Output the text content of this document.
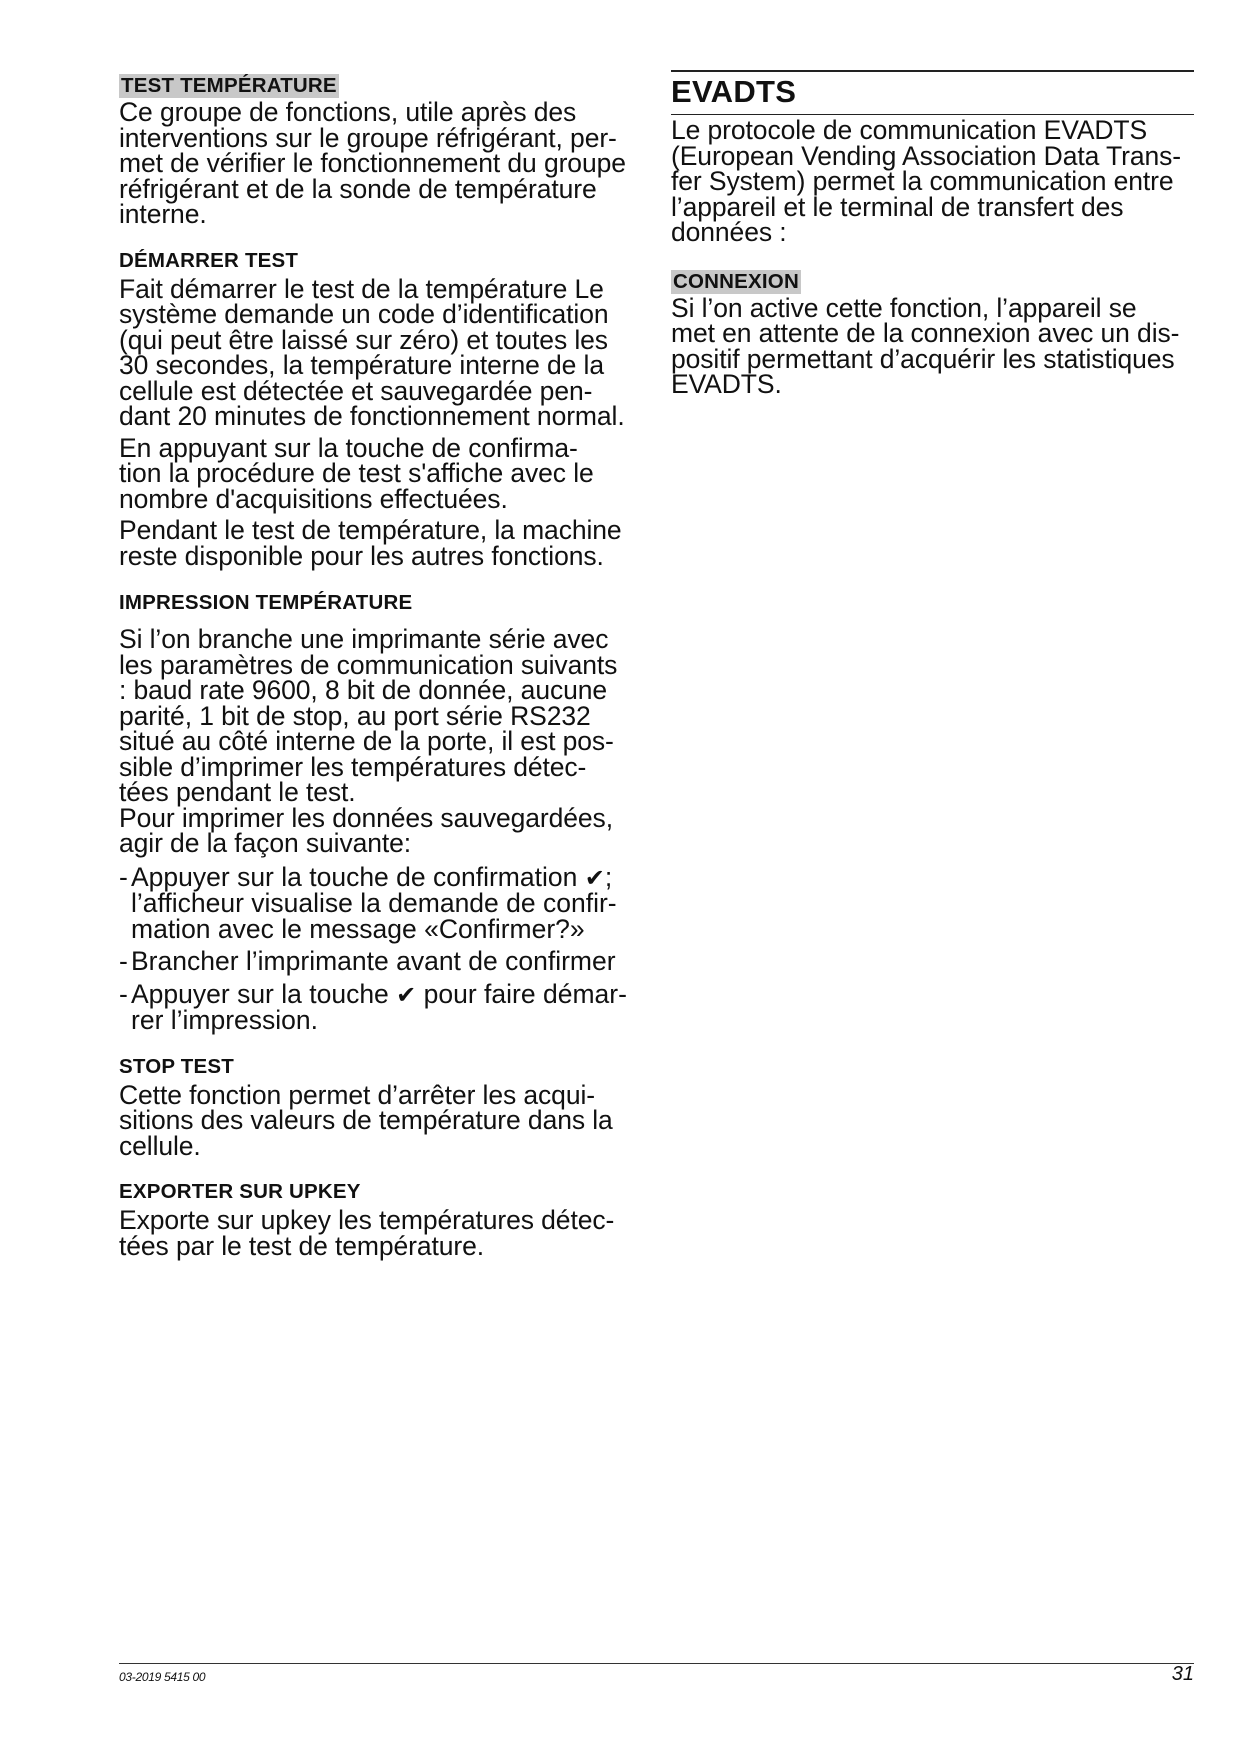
TEST TEMPÉRATURE

Ce groupe de fonctions, utile après des
interventions sur le groupe réfrigérant, per-
met de vérifier le fonctionnement du groupe
réfrigérant et de la sonde de température
interne.

DÉMARRER TEST

Fait démarrer le test de la température Le
système demande un code d’identification
(qui peut être laissé sur zéro) et toutes les
30 secondes, la température interne de la
cellule est détectée et sauvegardée pen-
dant 20 minutes de fonctionnement normal.

En appuyant sur la touche de confirma-
tion la procédure de test s'affiche avec le
nombre d'acquisitions effectuées.

Pendant le test de température, la machine
reste disponible pour les autres fonctions.

IMPRESSION TEMPÉRATURE

Si l’on branche une imprimante série avec
les paramètres de communication suivants
: baud rate 9600, 8 bit de donnée, aucune
parité, 1 bit de stop, au port série RS232
situé au côté interne de la porte, il est pos-
sible d’imprimer les températures détec-
tées pendant le test.

Pour imprimer les données sauvegardées,
agir de la façon suivante:

- Appuyer sur la touche de confirmation ✔;
l’afficheur visualise la demande de confir-
mation avec le message «Confirmer?»

- Brancher l’imprimante avant de confirmer

- Appuyer sur la touche ✔ pour faire démar-
rer l’impression.

STOP TEST

Cette fonction permet d’arrêter les acqui-
sitions des valeurs de température dans la
cellule.

EXPORTER SUR UPKEY

Exporte sur upkey les températures détec-
tées par le test de température.

EVADTS

Le protocole de communication EVADTS
(European Vending Association Data Trans-
fer System) permet la communication entre
l’appareil et le terminal de transfert des
données :

CONNEXION

Si l’on active cette fonction, l’appareil se
met en attente de la connexion avec un dis-
positif permettant d’acquérir les statistiques
EVADTS.

03-2019 5415 00	31
